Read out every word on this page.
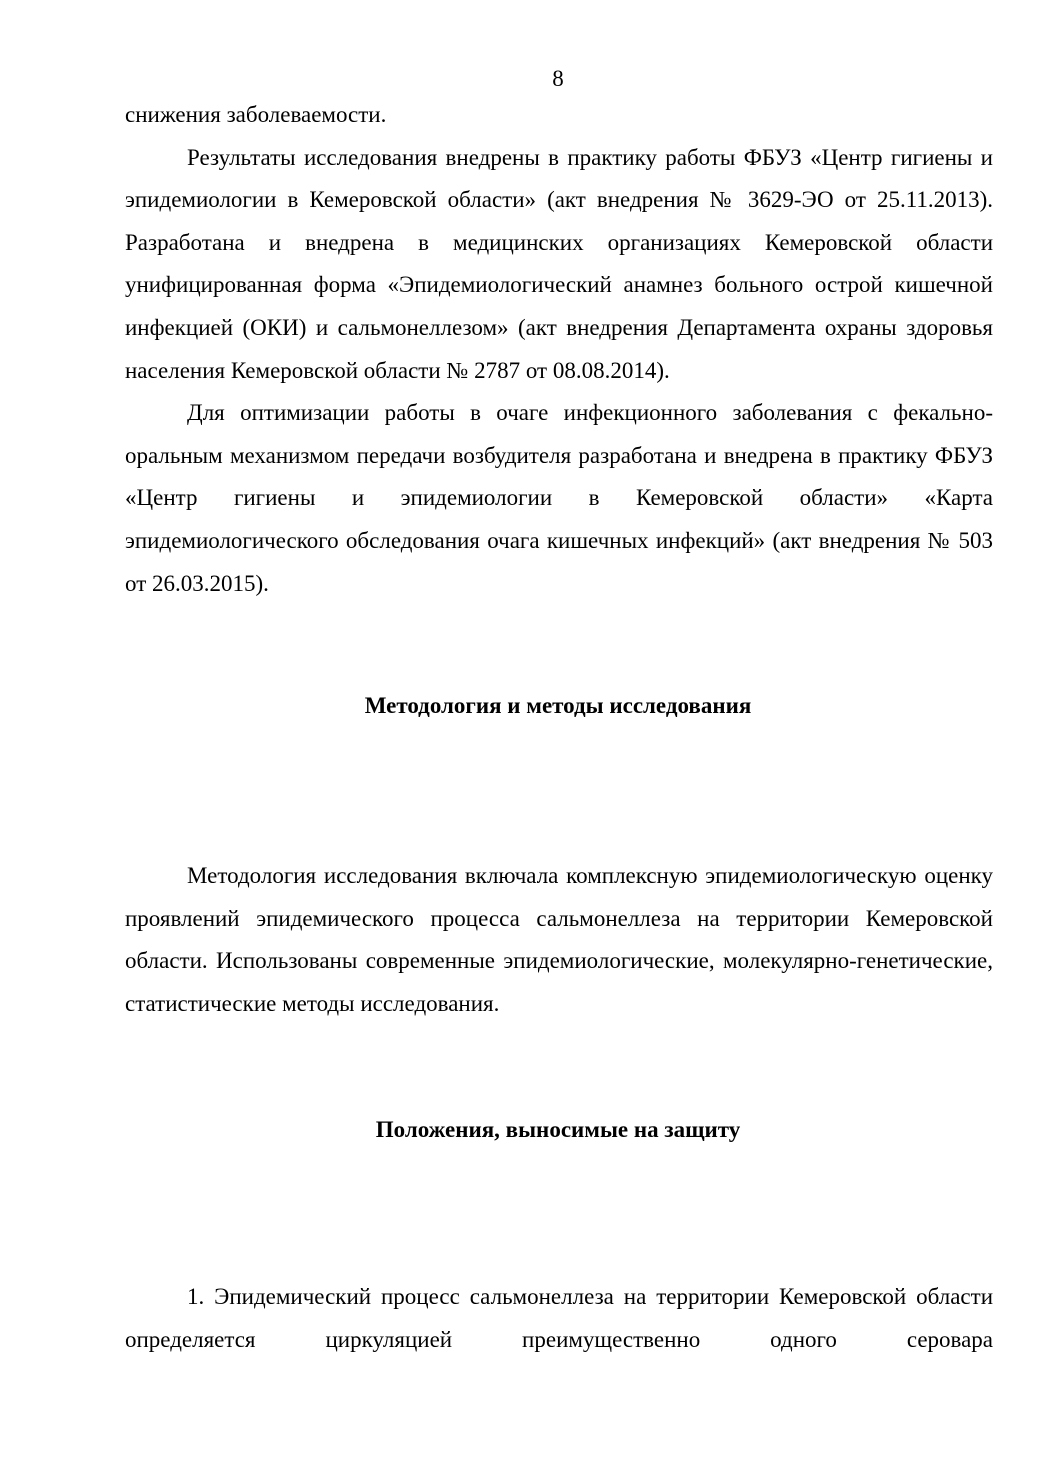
8

снижения заболеваемости.

Результаты исследования внедрены в практику работы ФБУЗ «Центр гигиены и эпидемиологии в Кемеровской области» (акт внедрения № 3629-ЭО от 25.11.2013). Разработана и внедрена в медицинских организациях Кемеровской области унифицированная форма «Эпидемиологический анамнез больного острой кишечной инфекцией (ОКИ) и сальмонеллезом» (акт внедрения Департамента охраны здоровья населения Кемеровской области № 2787 от 08.08.2014).

Для оптимизации работы в очаге инфекционного заболевания с фекально-оральным механизмом передачи возбудителя разработана и внедрена в практику ФБУЗ «Центр гигиены и эпидемиологии в Кемеровской области» «Карта эпидемиологического обследования очага кишечных инфекций» (акт внедрения № 503 от 26.03.2015).

Методология и методы исследования

Методология исследования включала комплексную эпидемиологическую оценку проявлений эпидемического процесса сальмонеллеза на территории Кемеровской области. Использованы современные эпидемиологические, молекулярно-генетические, статистические методы исследования.

Положения, выносимые на защиту

1. Эпидемический процесс сальмонеллеза на территории Кемеровской области определяется циркуляцией преимущественно одного серовара
